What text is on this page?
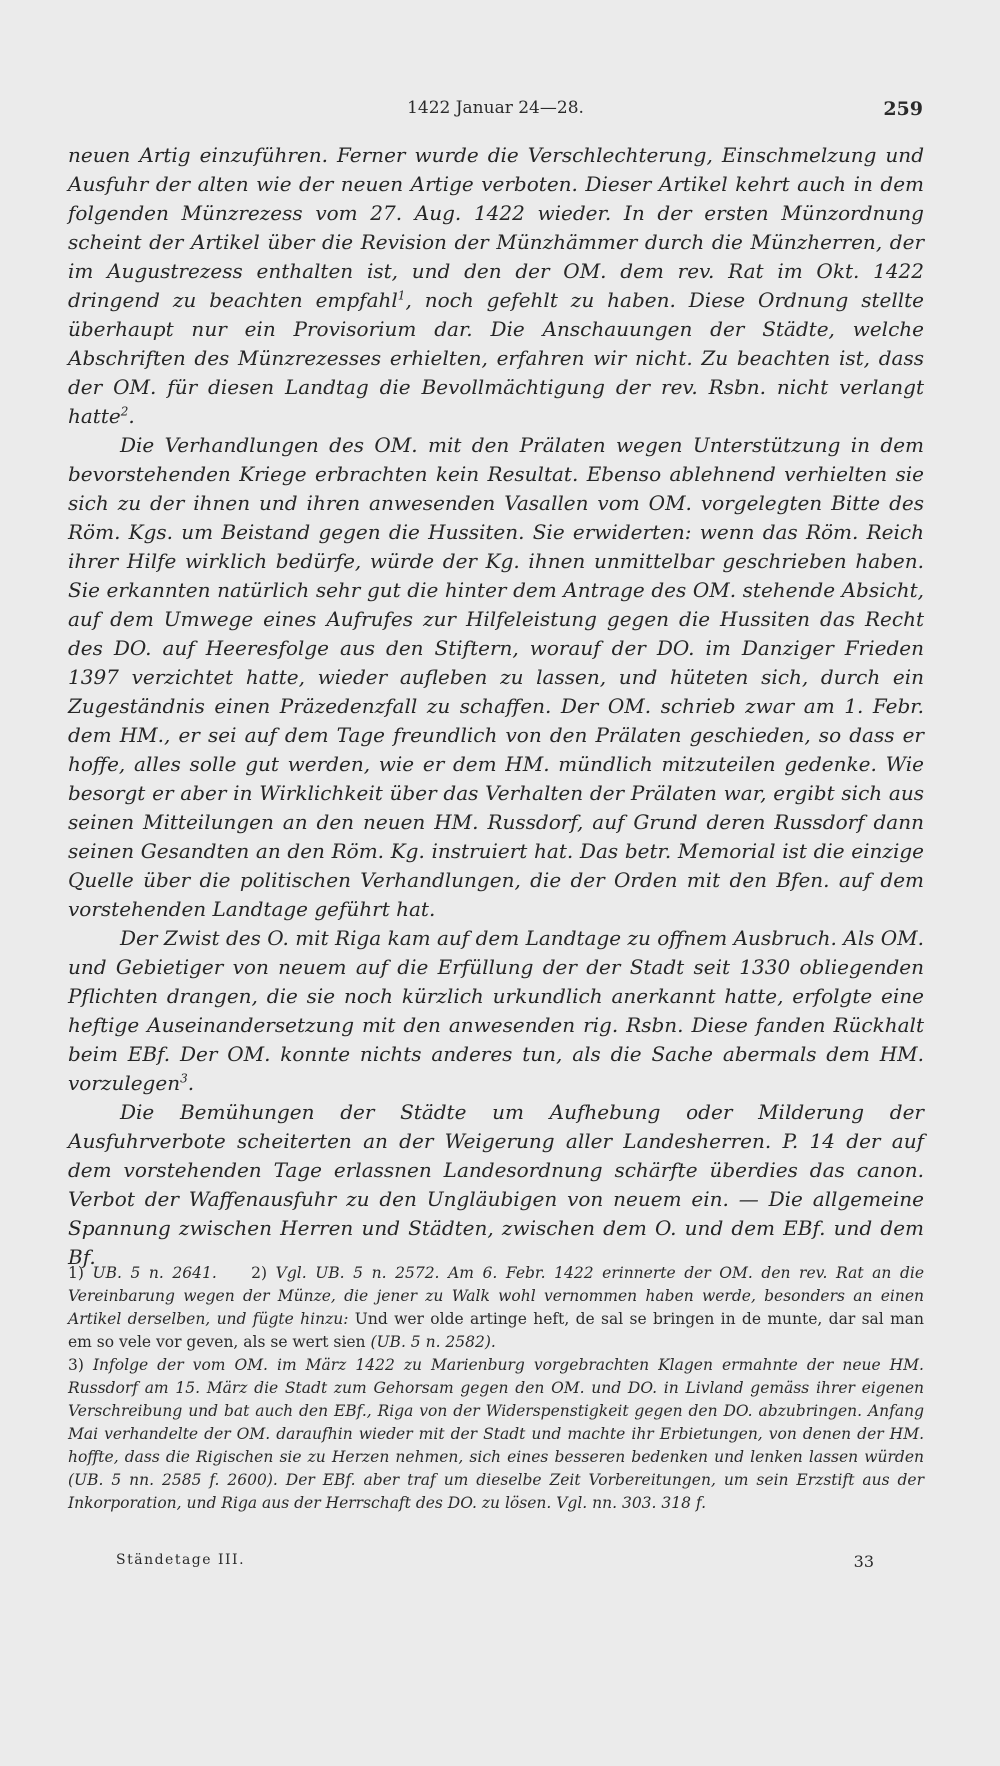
1422 Januar 24—28.	259

neuen Artig einzuführen. Ferner wurde die Verschlechterung, Einschmelzung und Ausfuhr der alten wie der neuen Artige verboten. Dieser Artikel kehrt auch in dem folgenden Münzrezess vom 27. Aug. 1422 wieder. In der ersten Münzordnung scheint der Artikel über die Revision der Münzhämmer durch die Münzherren, der im Augustrezess enthalten ist, und den der OM. dem rev. Rat im Okt. 1422 dringend zu beachten empfahl$^1$, noch gefehlt zu haben. Diese Ordnung stellte überhaupt nur ein Provisorium dar. Die Anschauungen der Städte, welche Abschriften des Münzrezesses erhielten, erfahren wir nicht. Zu beachten ist, dass der OM. für diesen Landtag die Bevollmächtigung der rev. Rsbn. nicht verlangt hatte$^2$.

Die Verhandlungen des OM. mit den Prälaten wegen Unterstützung in dem bevorstehenden Kriege erbrachten kein Resultat. Ebenso ablehnend verhielten sie sich zu der ihnen und ihren anwesenden Vasallen vom OM. vorgelegten Bitte des Röm. Kgs. um Beistand gegen die Hussiten. Sie erwiderten: wenn das Röm. Reich ihrer Hilfe wirklich bedürfe, würde der Kg. ihnen unmittelbar geschrieben haben. Sie erkannten natürlich sehr gut die hinter dem Antrage des OM. stehende Absicht, auf dem Umwege eines Aufrufes zur Hilfeleistung gegen die Hussiten das Recht des DO. auf Heeresfolge aus den Stiftern, worauf der DO. im Danziger Frieden 1397 verzichtet hatte, wieder aufleben zu lassen, und hüteten sich, durch ein Zugeständnis einen Präzedenzfall zu schaffen. Der OM. schrieb zwar am 1. Febr. dem HM., er sei auf dem Tage freundlich von den Prälaten geschieden, so dass er hoffe, alles solle gut werden, wie er dem HM. mündlich mitzuteilen gedenke. Wie besorgt er aber in Wirklichkeit über das Verhalten der Prälaten war, ergibt sich aus seinen Mitteilungen an den neuen HM. Russdorf, auf Grund deren Russdorf dann seinen Gesandten an den Röm. Kg. instruiert hat. Das betr. Memorial ist die einzige Quelle über die politischen Verhandlungen, die der Orden mit den Bfen. auf dem vorstehenden Landtage geführt hat.

Der Zwist des O. mit Riga kam auf dem Landtage zu offnem Ausbruch. Als OM. und Gebietiger von neuem auf die Erfüllung der der Stadt seit 1330 obliegenden Pflichten drangen, die sie noch kürzlich urkundlich anerkannt hatte, erfolgte eine heftige Auseinandersetzung mit den anwesenden rig. Rsbn. Diese fanden Rückhalt beim EBf. Der OM. konnte nichts anderes tun, als die Sache abermals dem HM. vorzulegen$^3$.

Die Bemühungen der Städte um Aufhebung oder Milderung der Ausfuhrverbote scheiterten an der Weigerung aller Landesherren. P. 14 der auf dem vorstehenden Tage erlassnen Landesordnung schärfte überdies das canon. Verbot der Waffenausfuhr zu den Ungläubigen von neuem ein. — Die allgemeine Spannung zwischen Herren und Städten, zwischen dem O. und dem EBf. und dem Bf.

1) UB. 5 n. 2641. 2) Vgl. UB. 5 n. 2572. Am 6. Febr. 1422 erinnerte der OM. den rev. Rat an die Vereinbarung wegen der Münze, die jener zu Walk wohl vernommen haben werde, besonders an einen Artikel derselben, und fügte hinzu: Und wer olde artinge heft, de sal se bringen in de munte, dar sal man em so vele vor geven, als se wert sien (UB. 5 n. 2582).

3) Infolge der vom OM. im März 1422 zu Marienburg vorgebrachten Klagen ermahnte der neue HM. Russdorf am 15. März die Stadt zum Gehorsam gegen den OM. und DO. in Livland gemäss ihrer eigenen Verschreibung und bat auch den EBf., Riga von der Widerspenstigkeit gegen den DO. abzubringen. Anfang Mai verhandelte der OM. daraufhin wieder mit der Stadt und machte ihr Erbietungen, von denen der HM. hoffte, dass die Rigischen sie zu Herzen nehmen, sich eines besseren bedenken und lenken lassen würden (UB. 5 nn. 2585 f. 2600). Der EBf. aber traf um dieselbe Zeit Vorbereitungen, um sein Erzstift aus der Inkorporation, und Riga aus der Herrschaft des DO. zu lösen. Vgl. nn. 303. 318 f.

Ständetage III.	33
